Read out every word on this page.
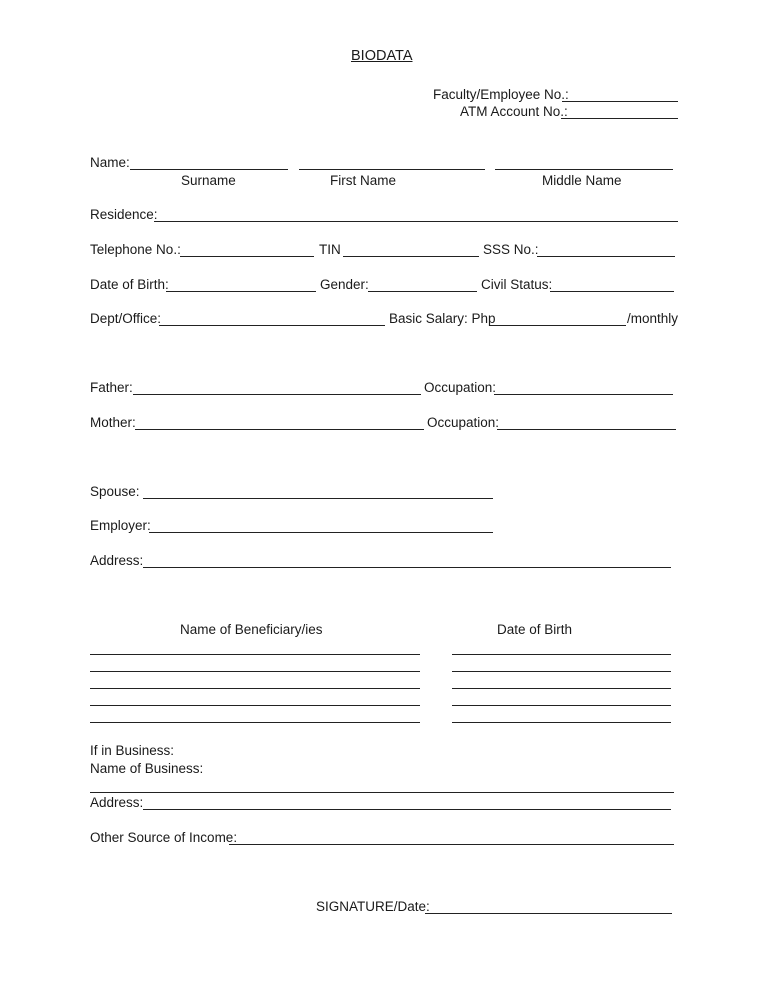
BIODATA
Faculty/Employee No.:
ATM Account No.:
Name:
Surname	First Name	Middle Name
Residence:
Telephone No.:	TIN	SSS No.:
Date of Birth:	Gender:	Civil Status:
Dept/Office:	Basic Salary: Php	/monthly
Father:	Occupation:
Mother:	Occupation:
Spouse:
Employer:
Address:
Name of Beneficiary/ies	Date of Birth
If in Business:
Name of Business:
Address:
Other Source of Income:
SIGNATURE/Date:
